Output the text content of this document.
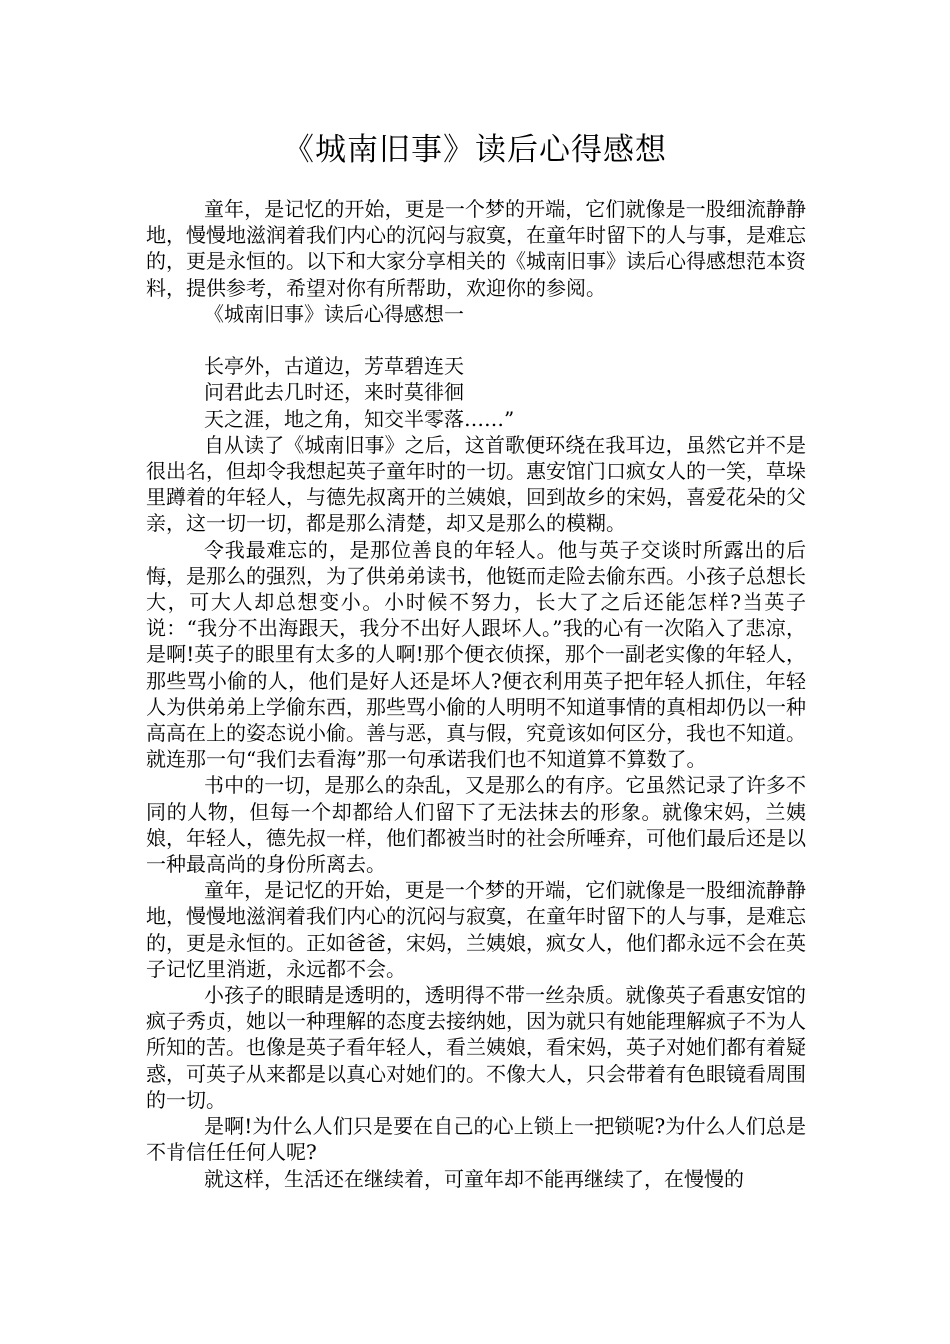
《城南旧事》读后心得感想

童年，是记忆的开始，更是一个梦的开端，它们就像是一股细流静静地，慢慢地滋润着我们内心的沉闷与寂寞，在童年时留下的人与事，是难忘的，更是永恒的。以下和大家分享相关的《城南旧事》读后心得感想范本资料，提供参考，希望对你有所帮助，欢迎你的参阅。

《城南旧事》读后心得感想一

长亭外，古道边，芳草碧连天

问君此去几时还，来时莫徘徊

天之涯，地之角，知交半零落……”

自从读了《城南旧事》之后，这首歌便环绕在我耳边，虽然它并不是很出名，但却令我想起英子童年时的一切。惠安馆门口疯女人的一笑，草垛里蹲着的年轻人，与德先叔离开的兰姨娘，回到故乡的宋妈，喜爱花朵的父亲，这一切一切，都是那么清楚，却又是那么的模糊。

令我最难忘的，是那位善良的年轻人。他与英子交谈时所露出的后悔，是那么的强烈，为了供弟弟读书，他铤而走险去偷东西。小孩子总想长大，可大人却总想变小。小时候不努力，长大了之后还能怎样?当英子说：“我分不出海跟天，我分不出好人跟坏人。”我的心有一次陷入了悲凉，是啊!英子的眼里有太多的人啊!那个便衣侦探，那个一副老实像的年轻人，那些骂小偷的人，他们是好人还是坏人?便衣利用英子把年轻人抓住，年轻人为供弟弟上学偷东西，那些骂小偷的人明明不知道事情的真相却仍以一种高高在上的姿态说小偷。善与恶，真与假，究竟该如何区分，我也不知道。就连那一句“我们去看海”那一句承诺我们也不知道算不算数了。

书中的一切，是那么的杂乱，又是那么的有序。它虽然记录了许多不同的人物，但每一个却都给人们留下了无法抹去的形象。就像宋妈，兰姨娘，年轻人，德先叔一样，他们都被当时的社会所唾弃，可他们最后还是以一种最高尚的身份所离去。

童年，是记忆的开始，更是一个梦的开端，它们就像是一股细流静静地，慢慢地滋润着我们内心的沉闷与寂寞，在童年时留下的人与事，是难忘的，更是永恒的。正如爸爸，宋妈，兰姨娘，疯女人，他们都永远不会在英子记忆里消逝，永远都不会。

小孩子的眼睛是透明的，透明得不带一丝杂质。就像英子看惠安馆的疯子秀贞，她以一种理解的态度去接纳她，因为就只有她能理解疯子不为人所知的苦。也像是英子看年轻人，看兰姨娘，看宋妈，英子对她们都有着疑惑，可英子从来都是以真心对她们的。不像大人，只会带着有色眼镜看周围的一切。

是啊!为什么人们只是要在自己的心上锁上一把锁呢?为什么人们总是不肯信任任何人呢?

就这样，生活还在继续着，可童年却不能再继续了，在慢慢的
